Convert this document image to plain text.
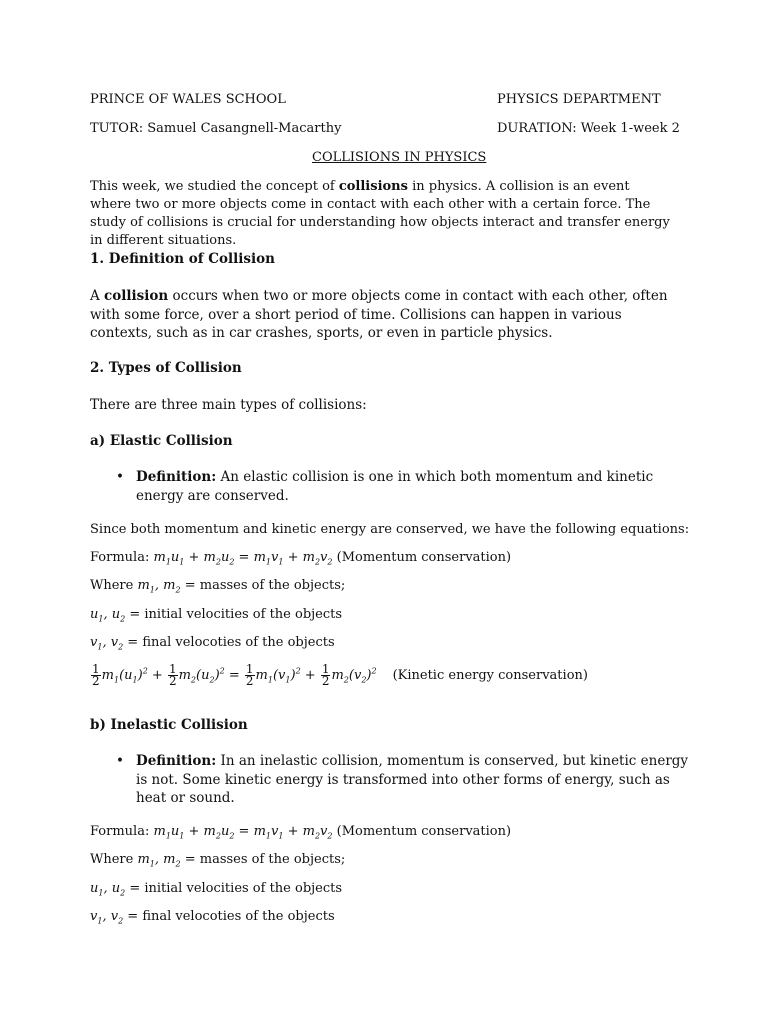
PRINCE OF WALES SCHOOL	PHYSICS DEPARTMENT
TUTOR: Samuel Casangnell-Macarthy	DURATION: Week 1-week 2
COLLISIONS IN PHYSICS
This week, we studied the concept of collisions in physics. A collision is an event where two or more objects come in contact with each other with a certain force. The study of collisions is crucial for understanding how objects interact and transfer energy in different situations.
1. Definition of Collision
A collision occurs when two or more objects come in contact with each other, often with some force, over a short period of time. Collisions can happen in various contexts, such as in car crashes, sports, or even in particle physics.
2. Types of Collision
There are three main types of collisions:
a) Elastic Collision
• Definition: An elastic collision is one in which both momentum and kinetic energy are conserved.
Since both momentum and kinetic energy are conserved, we have the following equations:
Formula: $m_1u_1 + m_2u_2 = m_1v_1 + m_2v_2$ (Momentum conservation)
Where $m_1$, $m_2$ = masses of the objects;
$u_1$, $u_2$ = initial velocities of the objects
$v_1$, $v_2$ = final velocoties of the objects
$\frac{1}{2} m_1(u_1)^2 + \frac{1}{2} m_2(u_2)^2 = \frac{1}{2} m_1(v_1)^2 + \frac{1}{2} m_2(v_2)^2$ (Kinetic energy conservation)
b) Inelastic Collision
• Definition: In an inelastic collision, momentum is conserved, but kinetic energy is not. Some kinetic energy is transformed into other forms of energy, such as heat or sound.
Formula: $m_1u_1 + m_2u_2 = m_1v_1 + m_2v_2$ (Momentum conservation)
Where $m_1$, $m_2$ = masses of the objects;
$u_1$, $u_2$ = initial velocities of the objects
$v_1$, $v_2$ = final velocoties of the objects
